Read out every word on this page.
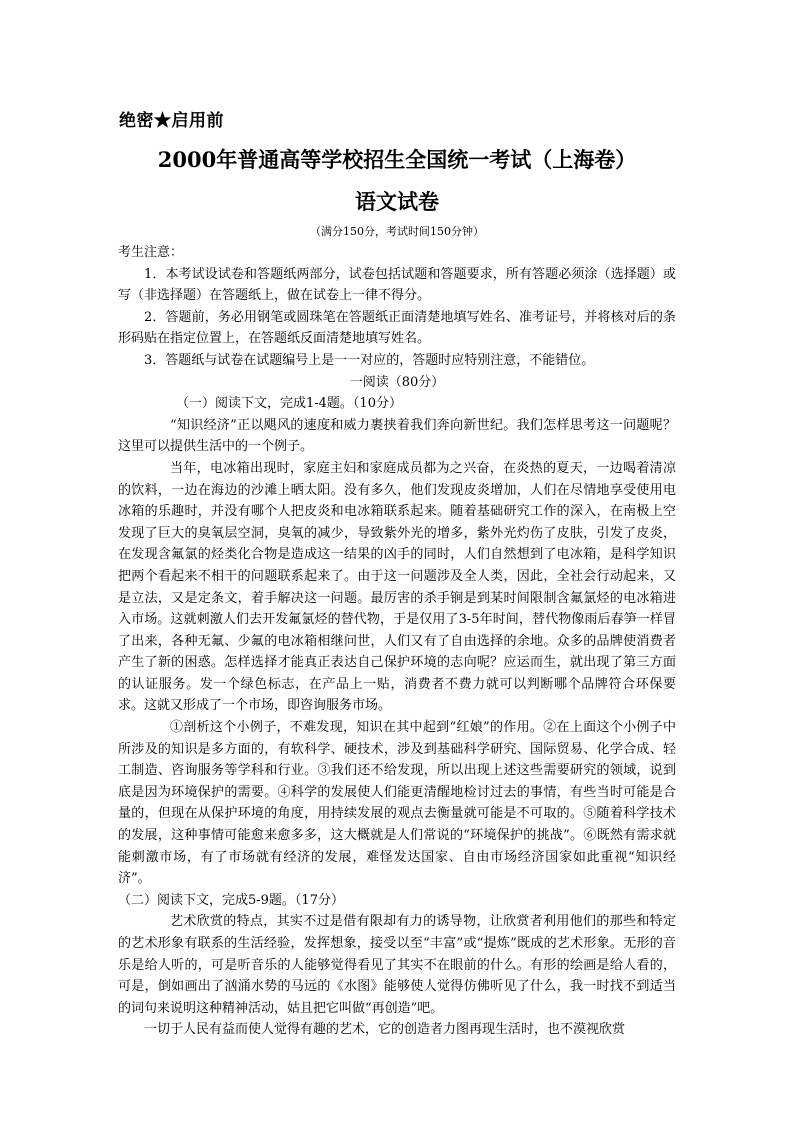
绝密★启用前
2000年普通高等学校招生全国统一考试（上海卷）
语文试卷
（满分150分，考试时间150分钟）

考生注意：

1．本考试设试卷和答题纸两部分，试卷包括试题和答题要求，所有答题必须涂（选择题）或写（非选择题）在答题纸上，做在试卷上一律不得分。

2．答题前，务必用钢笔或圆珠笔在答题纸正面清楚地填写姓名、准考证号，并将核对后的条形码贴在指定位置上，在答题纸反面清楚地填写姓名。

3．答题纸与试卷在试题编号上是一一对应的，答题时应特别注意，不能错位。

一阅读（80分）

（一）阅读下文，完成1-4题。（10分）

“知识经济”正以飓风的速度和威力裹挟着我们奔向新世纪。我们怎样思考这一问题呢？这里可以提供生活中的一个例子。

当年，电冰箱出现时，家庭主妇和家庭成员都为之兴奋，在炎热的夏天，一边喝着清凉的饮料，一边在海边的沙滩上晒太阳。没有多久，他们发现皮炎增加，人们在尽情地享受使用电冰箱的乐趣时，并没有哪个人把皮炎和电冰箱联系起来。随着基础研究工作的深入，在南极上空发现了巨大的臭氧层空洞，臭氧的减少，导致紫外光的增多，紫外光灼伤了皮肤，引发了皮炎，在发现含氟氯的烃类化合物是造成这一结果的凶手的同时，人们自然想到了电冰箱，是科学知识把两个看起来不相干的问题联系起来了。由于这一问题涉及全人类，因此，全社会行动起来，又是立法，又是定条文，着手解决这一问题。最厉害的杀手锏是到某时间限制含氟氯烃的电冰箱进入市场。这就刺激人们去开发氟氯烃的替代物，于是仅用了3-5年时间，替代物像雨后春笋一样冒了出来，各种无氟、少氟的电冰箱相继问世，人们又有了自由选择的余地。众多的品牌使消费者产生了新的困惑。怎样选择才能真正表达自己保护环境的志向呢？应运而生，就出现了第三方面的认证服务。发一个绿色标志，在产品上一贴，消费者不费力就可以判断哪个品牌符合环保要求。这就又形成了一个市场，即咨询服务市场。

①剖析这个小例子，不难发现，知识在其中起到“红娘”的作用。②在上面这个小例子中所涉及的知识是多方面的，有软科学、硬技术，涉及到基础科学研究、国际贸易、化学合成、轻工制造、咨询服务等学科和行业。③我们还不给发现，所以出现上述这些需要研究的领域，说到底是因为环境保护的需要。④科学的发展使人们能更清醒地检讨过去的事情，有些当时可能是合量的，但现在从保护环境的角度，用持续发展的观点去衡量就可能是不可取的。⑤随着科学技术的发展，这种事情可能愈来愈多多，这大概就是人们常说的“环境保护的挑战”。⑥既然有需求就能刺激市场，有了市场就有经济的发展，难怪发达国家、自由市场经济国家如此重视“知识经济”。

（二）阅读下文，完成5-9题。（17分）

艺术欣赏的特点，其实不过是借有限却有力的诱导物，让欣赏者利用他们的那些和特定的艺术形象有联系的生活经验，发挥想象，接受以至“丰富”或“提炼”既成的艺术形象。无形的音乐是给人听的，可是听音乐的人能够觉得看见了其实不在眼前的什么。有形的绘画是给人看的，可是，倒如画出了汹涌水势的马远的《水图》能够使人觉得仿佛听见了什么，我一时找不到适当的词句来说明这种精神活动，姑且把它叫做“再创造”吧。

一切于人民有益而使人觉得有趣的艺术，它的创造者力图再现生活时，也不漠视欣赏
